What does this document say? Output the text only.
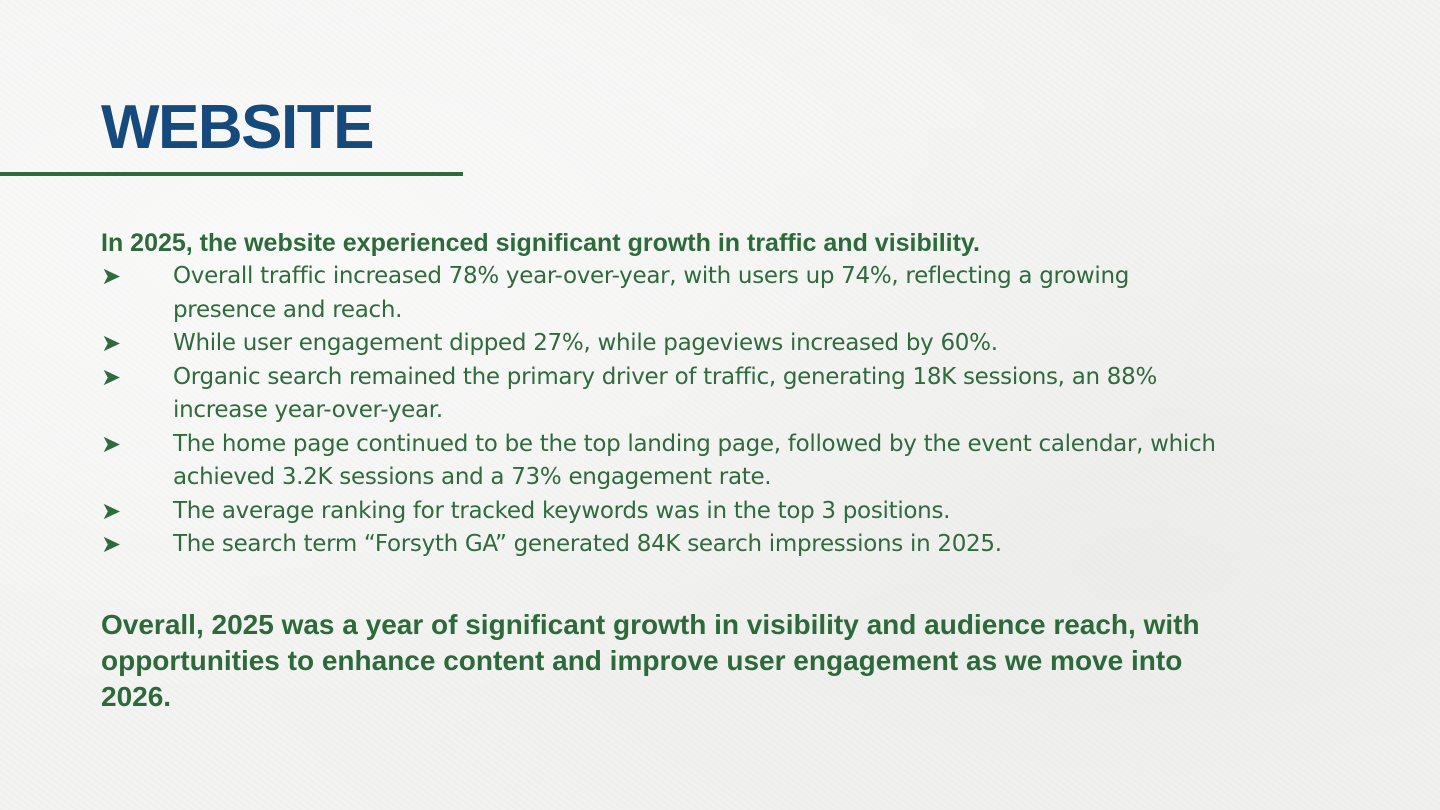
WEBSITE

In 2025, the website experienced significant growth in traffic and visibility.

➤	Overall traffic increased 78% year-over-year, with users up 74%, reflecting a growing presence and reach.
➤	While user engagement dipped 27%, while pageviews increased by 60%.
➤	Organic search remained the primary driver of traffic, generating 18K sessions, an 88% increase year-over-year.
➤	The home page continued to be the top landing page, followed by the event calendar, which achieved 3.2K sessions and a 73% engagement rate.
➤	The average ranking for tracked keywords was in the top 3 positions.
➤	The search term “Forsyth GA” generated 84K search impressions in 2025.

Overall, 2025 was a year of significant growth in visibility and audience reach, with opportunities to enhance content and improve user engagement as we move into 2026.
